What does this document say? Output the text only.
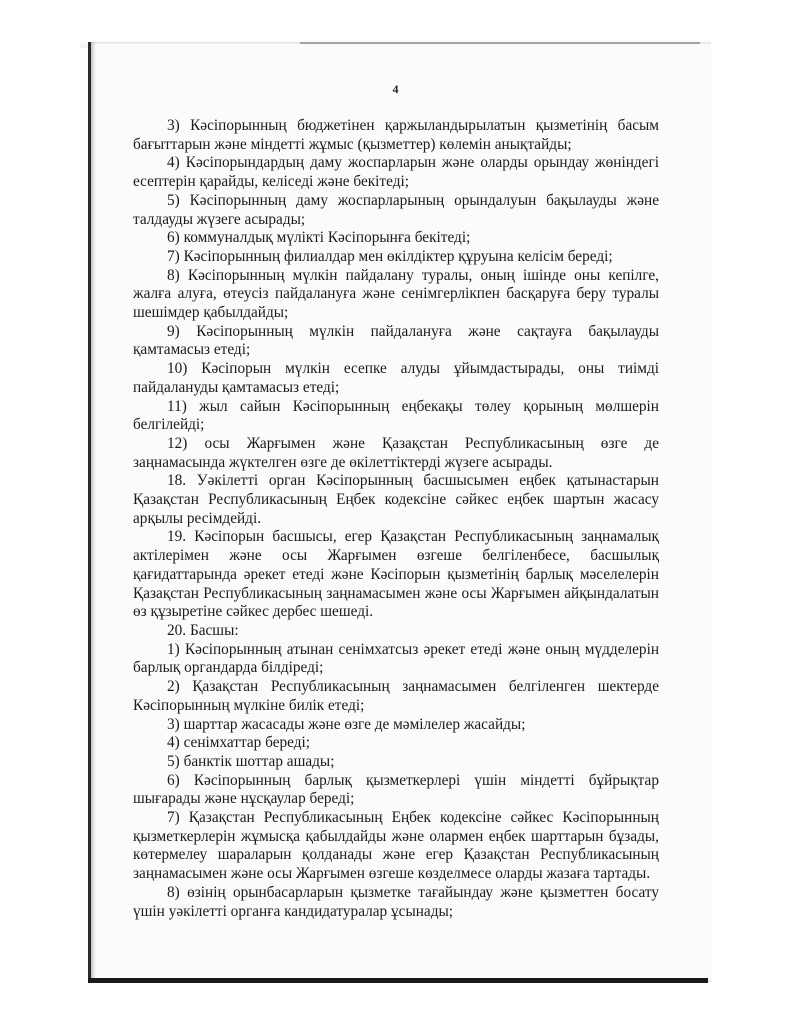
4

3) Кәсіпорынның бюджетінен қаржыландырылатын қызметінің басым бағыттарын және міндетті жұмыс (қызметтер) көлемін анықтайды;

4) Кәсіпорындардың даму жоспарларын және оларды орындау жөніндегі есептерін қарайды, келіседі және бекітеді;

5) Кәсіпорынның даму жоспарларының орындалуын бақылауды және талдауды жүзеге асырады;

6) коммуналдық мүлікті Кәсіпорынға бекітеді;

7) Кәсіпорынның филиалдар мен өкілдіктер құруына келісім береді;

8) Кәсіпорынның мүлкін пайдалану туралы, оның ішінде оны кепілге, жалға алуға, өтеусіз пайдалануға және сенімгерлікпен басқаруға беру туралы шешімдер қабылдайды;

9) Кәсіпорынның мүлкін пайдалануға және сақтауға бақылауды қамтамасыз етеді;

10) Кәсіпорын мүлкін есепке алуды ұйымдастырады, оны тиімді пайдалануды қамтамасыз етеді;

11) жыл сайын Кәсіпорынның еңбекақы төлеу қорының мөлшерін белгілейді;

12) осы Жарғымен және Қазақстан Республикасының өзге де заңнамасында жүктелген өзге де өкілеттіктерді жүзеге асырады.

18. Уәкілетті орган Кәсіпорынның басшысымен еңбек қатынастарын Қазақстан Республикасының Еңбек кодексіне сәйкес еңбек шартын жасасу арқылы ресімдейді.

19. Кәсіпорын басшысы, егер Қазақстан Республикасының заңнамалық актілерімен және осы Жарғымен өзгеше белгіленбесе, басшылық қағидаттарында әрекет етеді және Кәсіпорын қызметінің барлық мәселелерін Қазақстан Республикасының заңнамасымен және осы Жарғымен айқындалатын өз құзыретіне сәйкес дербес шешеді.

20. Басшы:

1) Кәсіпорынның атынан сенімхатсыз әрекет етеді және оның мүдделерін барлық органдарда білдіреді;

2) Қазақстан Республикасының заңнамасымен белгіленген шектерде Кәсіпорынның мүлкіне билік етеді;

3) шарттар жасасады және өзге де мәмілелер жасайды;

4) сенімхаттар береді;

5) банктік шоттар ашады;

6) Кәсіпорынның барлық қызметкерлері үшін міндетті бұйрықтар шығарады және нұсқаулар береді;

7) Қазақстан Республикасының Еңбек кодексіне сәйкес Кәсіпорынның қызметкерлерін жұмысқа қабылдайды және олармен еңбек шарттарын бұзады, көтермелеу шараларын қолданады және егер Қазақстан Республикасының заңнамасымен және осы Жарғымен өзгеше көзделмесе оларды жазаға тартады.

8) өзінің орынбасарларын қызметке тағайындау және қызметтен босату үшін уәкілетті органға кандидатуралар ұсынады;
